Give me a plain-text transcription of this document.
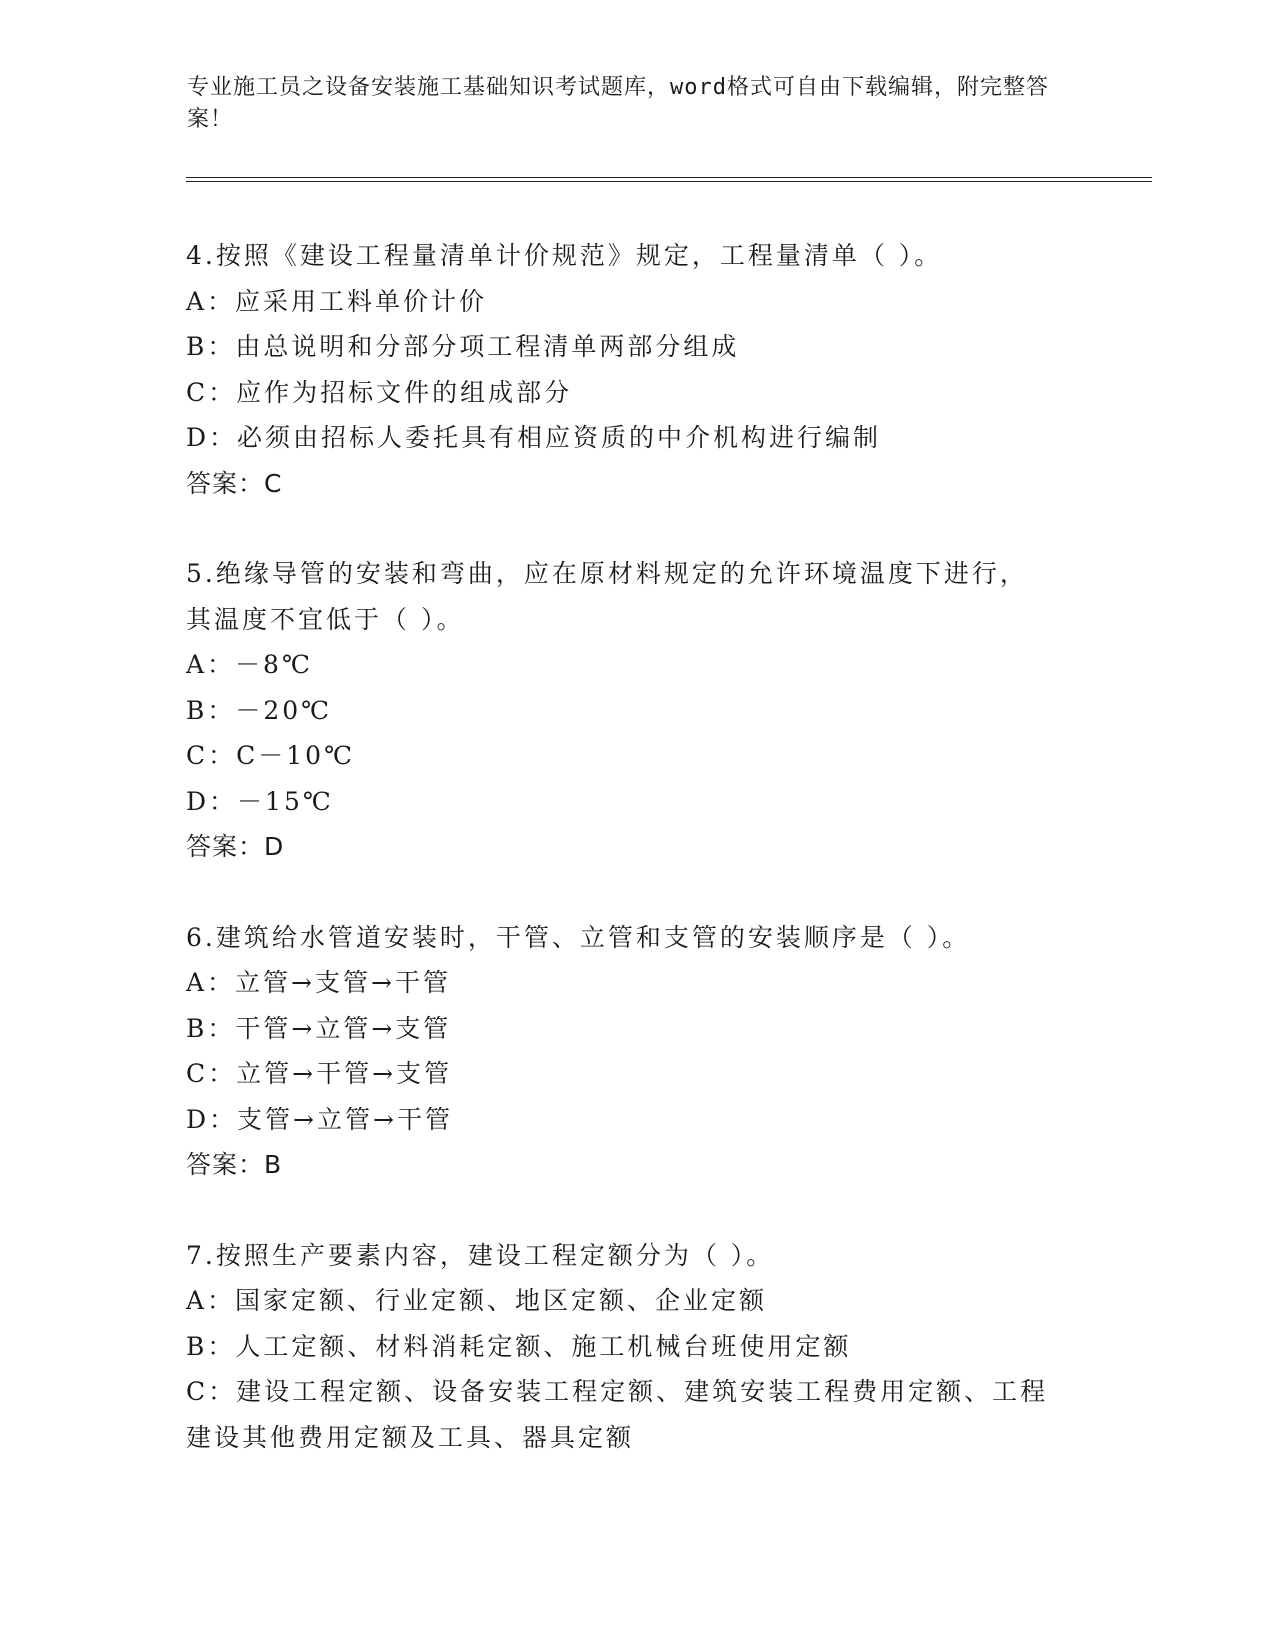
专业施工员之设备安装施工基础知识考试题库，word格式可自由下载编辑，附完整答案！
4.按照《建设工程量清单计价规范》规定，工程量清单（ ）。
A：应采用工料单价计价
B：由总说明和分部分项工程清单两部分组成
C：应作为招标文件的组成部分
D：必须由招标人委托具有相应资质的中介机构进行编制
答案：C
5.绝缘导管的安装和弯曲，应在原材料规定的允许环境温度下进行，其温度不宜低于（ ）。
A：－8℃
B：－20℃
C：C－10℃
D：－15℃
答案：D
6.建筑给水管道安装时，干管、立管和支管的安装顺序是（ ）。
A：立管→支管→干管
B：干管→立管→支管
C：立管→干管→支管
D：支管→立管→干管
答案：B
7.按照生产要素内容，建设工程定额分为（ ）。
A：国家定额、行业定额、地区定额、企业定额
B：人工定额、材料消耗定额、施工机械台班使用定额
C：建设工程定额、设备安装工程定额、建筑安装工程费用定额、工程建设其他费用定额及工具、器具定额
